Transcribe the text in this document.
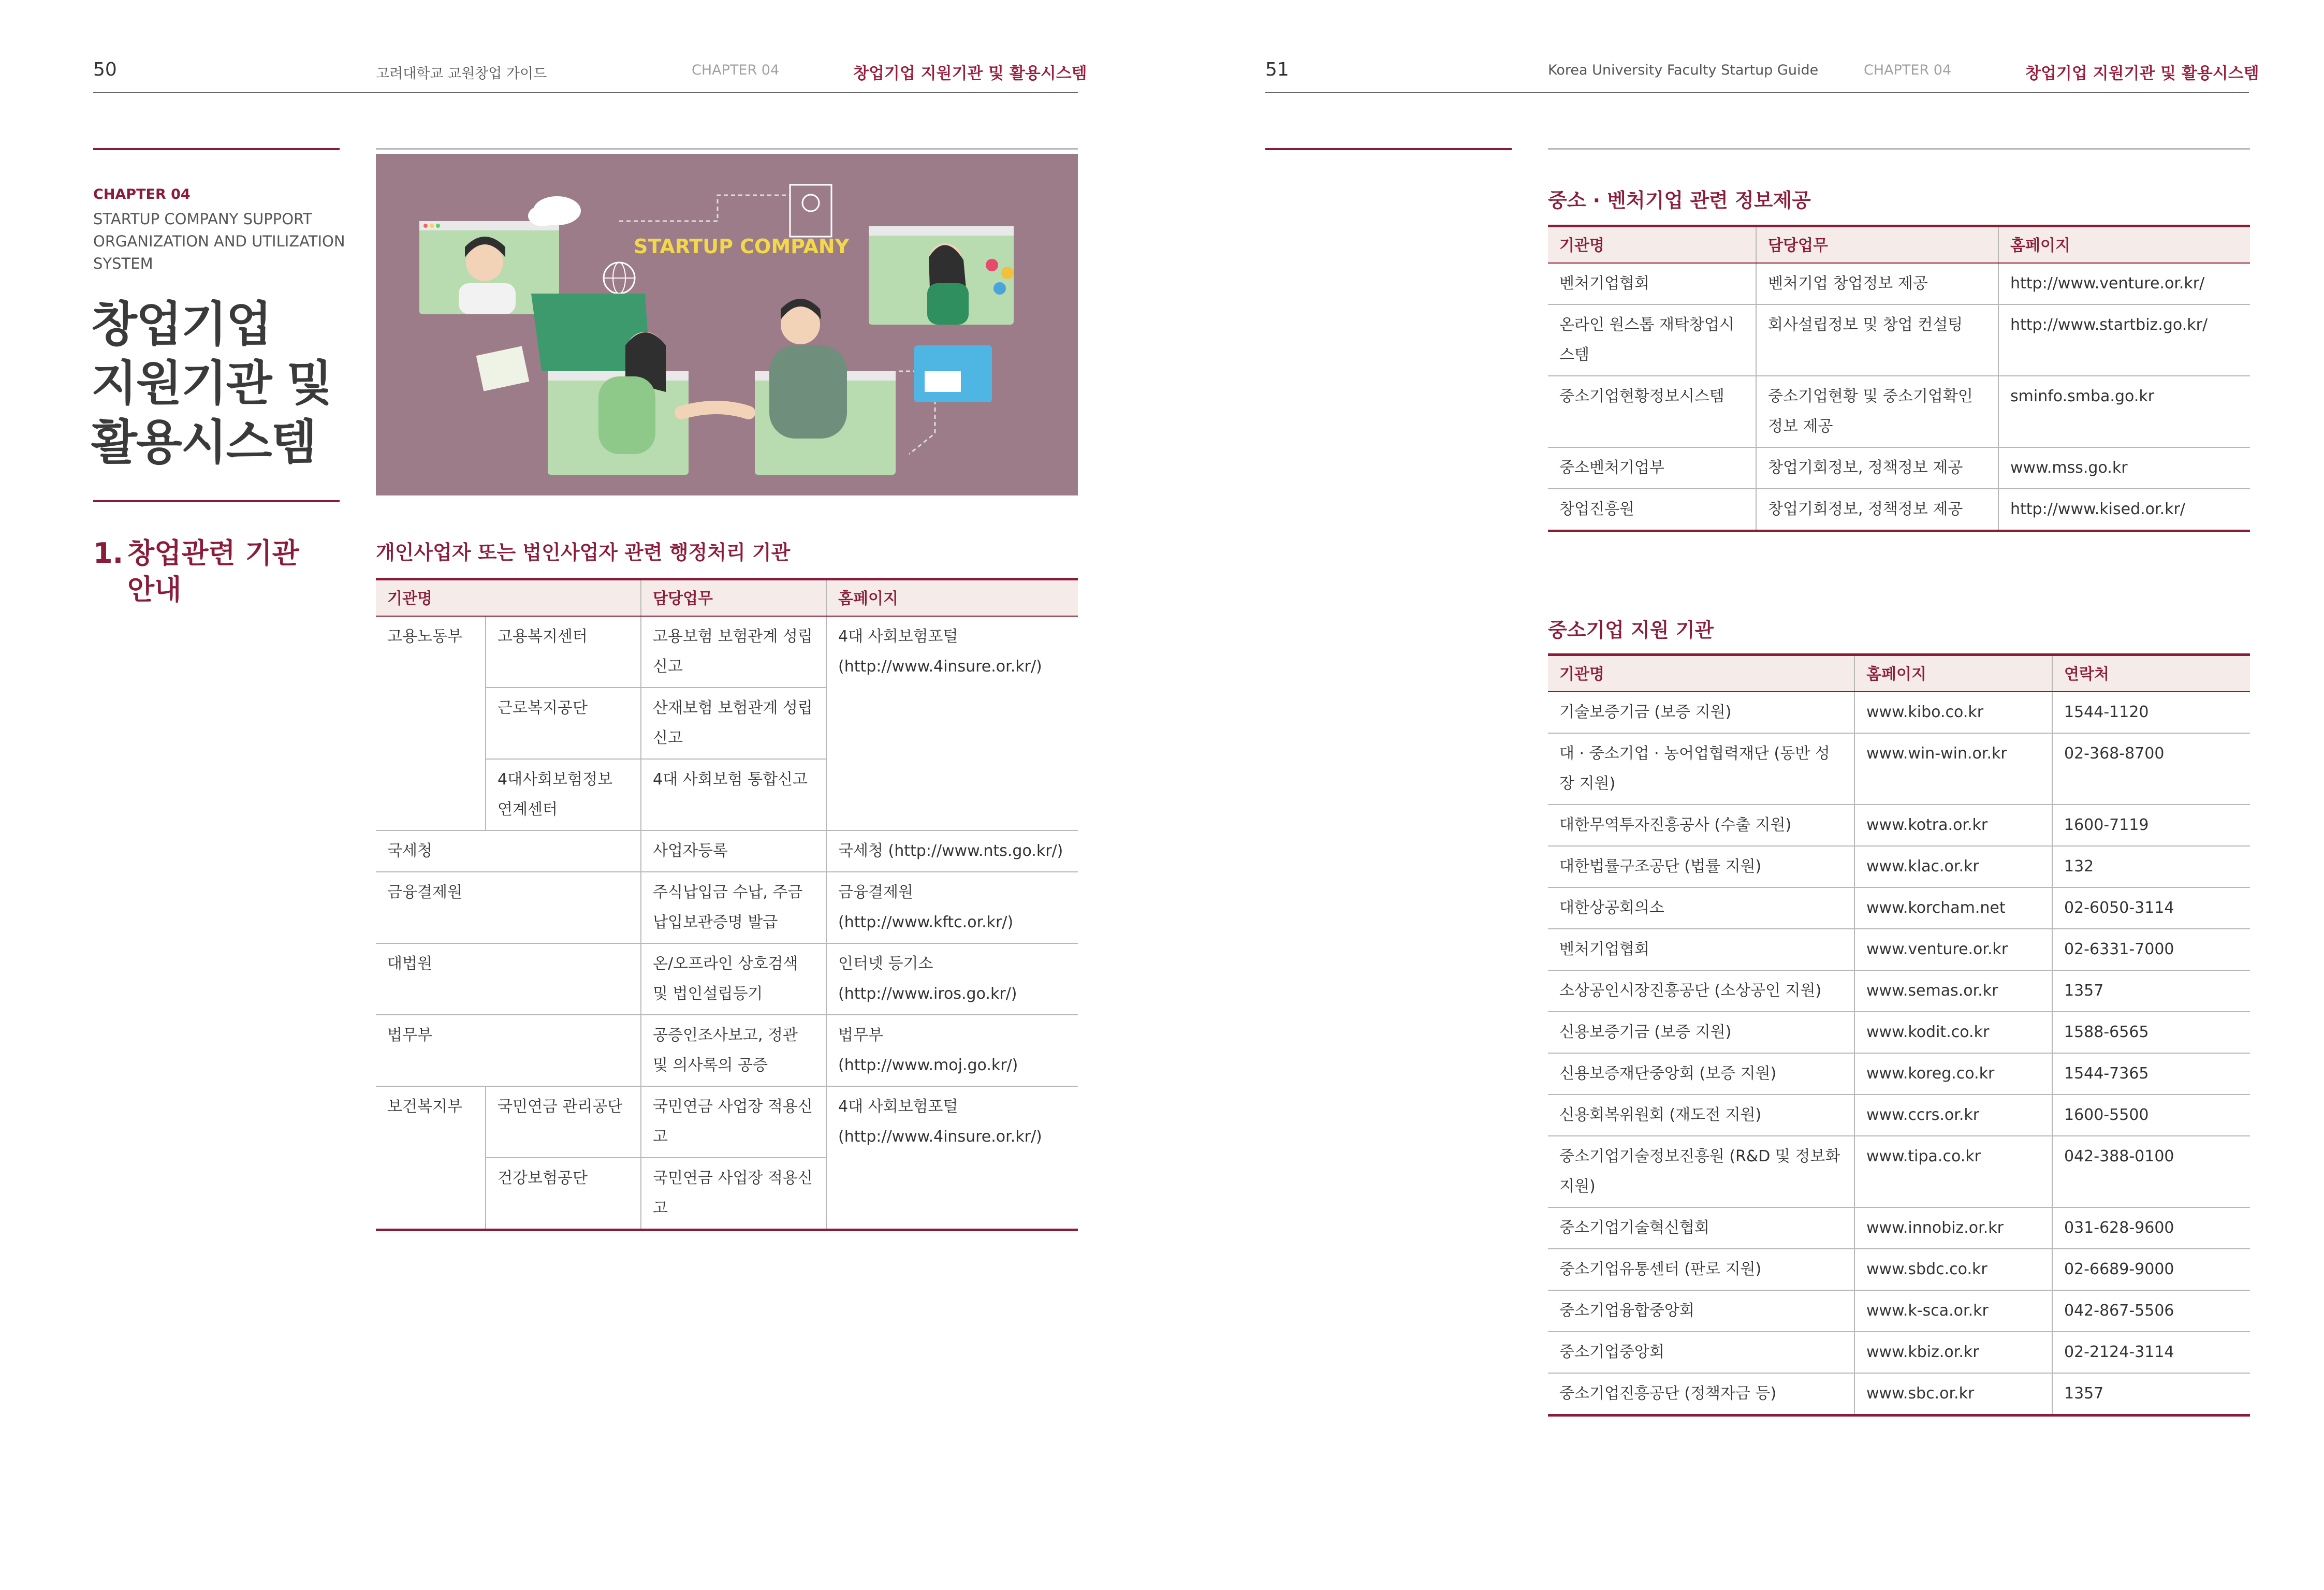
50	고려대학교 교원창업 가이드	CHAPTER 04	창업기업 지원기관 및 활용시스템
CHAPTER 04
STARTUP COMPANY SUPPORT ORGANIZATION AND UTILIZATION SYSTEM
창업기업
지원기관 및
활용시스템
1. 창업관련 기관
안내
STARTUP COMPANY
개인사업자 또는 법인사업자 관련 행정처리 기관
기관명		담당업무	홈페이지
고용노동부	고용복지센터	고용보험 보험관계 성립신고	4대 사회보험포털 (http://www.4insure.or.kr/)
	근로복지공단	산재보험 보험관계 성립신고	
	4대사회보험정보 연계센터	4대 사회보험 통합신고	
국세청		사업자등록	국세청 (http://www.nts.go.kr/)
금융결제원		주식납입금 수납, 주금납입보관증명 발급	금융결제원 (http://www.kftc.or.kr/)
대법원		온/오프라인 상호검색 및 법인설립등기	인터넷 등기소 (http://www.iros.go.kr/)
법무부		공증인조사보고, 정관 및 의사록의 공증	법무부 (http://www.moj.go.kr/)
보건복지부	국민연금 관리공단	국민연금 사업장 적용신고	4대 사회보험포털 (http://www.4insure.or.kr/)
	건강보험공단	국민연금 사업장 적용신고	
51	Korea University Faculty Startup Guide	CHAPTER 04	창업기업 지원기관 및 활용시스템
중소 · 벤처기업 관련 정보제공
기관명	담당업무	홈페이지
벤처기업협회	벤처기업 창업정보 제공	http://www.venture.or.kr/
온라인 원스톱 재탁창업시스템	회사설립정보 및 창업 컨설팅	http://www.startbiz.go.kr/
중소기업현황정보시스템	중소기업현황 및 중소기업확인 정보 제공	sminfo.smba.go.kr
중소벤처기업부	창업기회정보, 정책정보 제공	www.mss.go.kr
창업진흥원	창업기회정보, 정책정보 제공	http://www.kised.or.kr/
중소기업 지원 기관
기관명	홈페이지	연락처
기술보증기금 (보증 지원)	www.kibo.co.kr	1544-1120
대 · 중소기업 · 농어업협력재단 (동반 성장 지원)	www.win-win.or.kr	02-368-8700
대한무역투자진흥공사 (수출 지원)	www.kotra.or.kr	1600-7119
대한법률구조공단 (법률 지원)	www.klac.or.kr	132
대한상공회의소	www.korcham.net	02-6050-3114
벤처기업협회	www.venture.or.kr	02-6331-7000
소상공인시장진흥공단 (소상공인 지원)	www.semas.or.kr	1357
신용보증기금 (보증 지원)	www.kodit.co.kr	1588-6565
신용보증재단중앙회 (보증 지원)	www.koreg.co.kr	1544-7365
신용회복위원회 (재도전 지원)	www.ccrs.or.kr	1600-5500
중소기업기술정보진흥원 (R&D 및 정보화 지원)	www.tipa.co.kr	042-388-0100
중소기업기술혁신협회	www.innobiz.or.kr	031-628-9600
중소기업유통센터 (판로 지원)	www.sbdc.co.kr	02-6689-9000
중소기업융합중앙회	www.k-sca.or.kr	042-867-5506
중소기업중앙회	www.kbiz.or.kr	02-2124-3114
중소기업진흥공단 (정책자금 등)	www.sbc.or.kr	1357
